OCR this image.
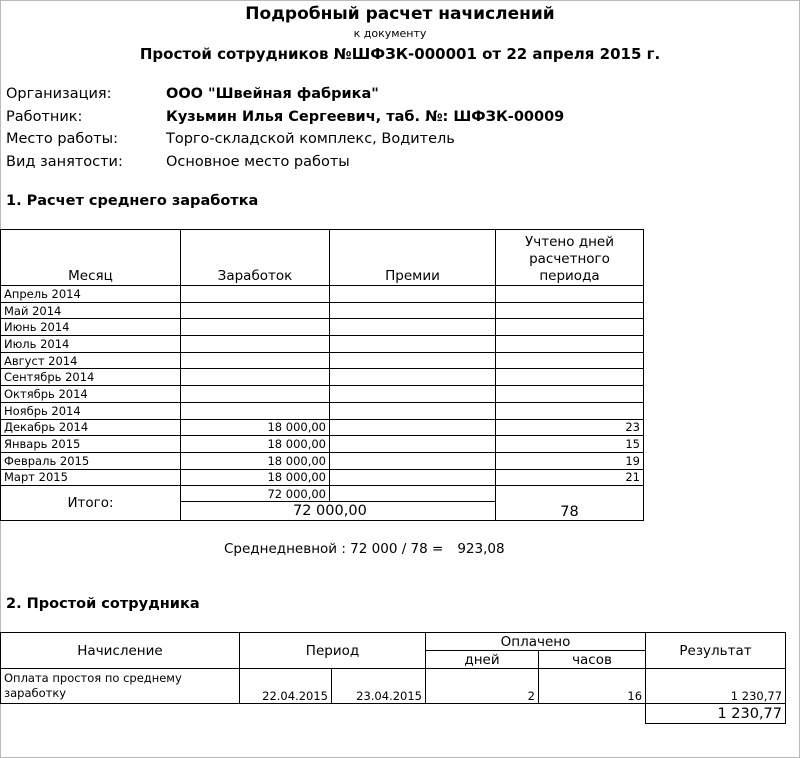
Подробный расчет начислений
к документу
Простой сотрудников №ШФЗК-000001 от 22 апреля 2015 г.
Организация:	ООО "Швейная фабрика"
Работник:	Кузьмин Илья Сергеевич, таб. №: ШФЗК-00009
Место работы:	Торго-складской комплекс, Водитель
Вид занятости:	Основное место работы
1. Расчет среднего заработка
Месяц	Заработок	Премии	Учтено дней расчетного периода
Апрель 2014			
Май 2014			
Июнь 2014			
Июль 2014			
Август 2014			
Сентябрь 2014			
Октябрь 2014			
Ноябрь 2014			
Декабрь 2014	18 000,00		23
Январь 2015	18 000,00		15
Февраль 2015	18 000,00		19
Март 2015	18 000,00		21
Итого:	72 000,00		78
	72 000,00		
Среднедневной : 72 000 / 78 = 923,08
2. Простой сотрудника
Начисление	Период		Оплачено		Результат
			дней	часов	
Оплата простоя по среднему заработку	22.04.2015	23.04.2015	2	16	1 230,77
					1 230,77
